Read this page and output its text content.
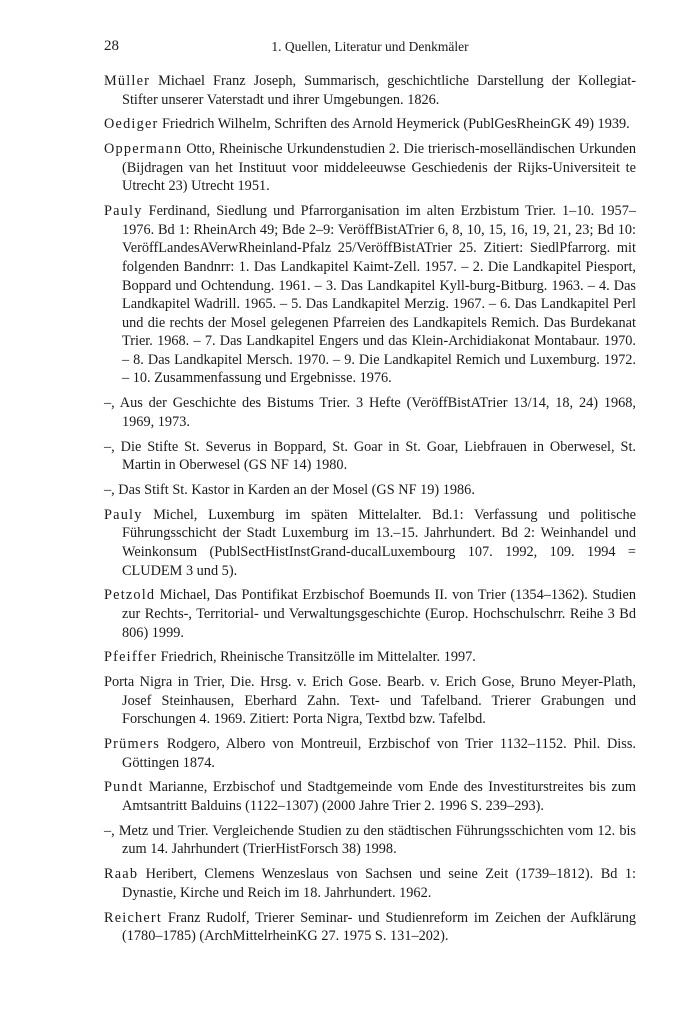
28	1. Quellen, Literatur und Denkmäler

Müller Michael Franz Joseph, Summarisch, geschichtliche Darstellung der Kollegiat-Stifter unserer Vaterstadt und ihrer Umgebungen. 1826.

Oediger Friedrich Wilhelm, Schriften des Arnold Heymerick (PublGesRheinGK 49) 1939.

Oppermann Otto, Rheinische Urkundenstudien 2. Die trierisch-moselländischen Urkunden (Bijdragen van het Instituut voor middeleeuwse Geschiedenis der Rijks-Universiteit te Utrecht 23) Utrecht 1951.

Pauly Ferdinand, Siedlung und Pfarrorganisation im alten Erzbistum Trier. 1–10. 1957–1976. Bd 1: RheinArch 49; Bde 2–9: VeröffBistATrier 6, 8, 10, 15, 16, 19, 21, 23; Bd 10: VeröffLandesAVerwRheinland-Pfalz 25/VeröffBistATrier 25. Zitiert: SiedlPfarrorg. mit folgenden Bandnrr: 1. Das Landkapitel Kaimt-Zell. 1957. – 2. Die Landkapitel Piesport, Boppard und Ochtendung. 1961. – 3. Das Landkapitel Kyll-burg-Bitburg. 1963. – 4. Das Landkapitel Wadrill. 1965. – 5. Das Landkapitel Merzig. 1967. – 6. Das Landkapitel Perl und die rechts der Mosel gelegenen Pfarreien des Landkapitels Remich. Das Burdekanat Trier. 1968. – 7. Das Landkapitel Engers und das Klein-Archidiakonat Montabaur. 1970. – 8. Das Landkapitel Mersch. 1970. – 9. Die Landkapitel Remich und Luxemburg. 1972. – 10. Zusammenfassung und Ergebnisse. 1976.

–, Aus der Geschichte des Bistums Trier. 3 Hefte (VeröffBistATrier 13/14, 18, 24) 1968, 1969, 1973.

–, Die Stifte St. Severus in Boppard, St. Goar in St. Goar, Liebfrauen in Oberwesel, St. Martin in Oberwesel (GS NF 14) 1980.

–, Das Stift St. Kastor in Karden an der Mosel (GS NF 19) 1986.

Pauly Michel, Luxemburg im späten Mittelalter. Bd.1: Verfassung und politische Führungsschicht der Stadt Luxemburg im 13.–15. Jahrhundert. Bd 2: Weinhandel und Weinkonsum (PublSectHistInstGrand-ducalLuxembourg 107. 1992, 109. 1994 = CLUDEM 3 und 5).

Petzold Michael, Das Pontifikat Erzbischof Boemunds II. von Trier (1354–1362). Studien zur Rechts-, Territorial- und Verwaltungsgeschichte (Europ. Hochschulschrr. Reihe 3 Bd 806) 1999.

Pfeiffer Friedrich, Rheinische Transitzölle im Mittelalter. 1997.

Porta Nigra in Trier, Die. Hrsg. v. Erich Gose. Bearb. v. Erich Gose, Bruno Meyer-Plath, Josef Steinhausen, Eberhard Zahn. Text- und Tafelband. Trierer Grabungen und Forschungen 4. 1969. Zitiert: Porta Nigra, Textbd bzw. Tafelbd.

Prümers Rodgero, Albero von Montreuil, Erzbischof von Trier 1132–1152. Phil. Diss. Göttingen 1874.

Pundt Marianne, Erzbischof und Stadtgemeinde vom Ende des Investiturstreites bis zum Amtsantritt Balduins (1122–1307) (2000 Jahre Trier 2. 1996 S. 239–293).

–, Metz und Trier. Vergleichende Studien zu den städtischen Führungsschichten vom 12. bis zum 14. Jahrhundert (TrierHistForsch 38) 1998.

Raab Heribert, Clemens Wenzeslaus von Sachsen und seine Zeit (1739–1812). Bd 1: Dynastie, Kirche und Reich im 18. Jahrhundert. 1962.

Reichert Franz Rudolf, Trierer Seminar- und Studienreform im Zeichen der Aufklärung (1780–1785) (ArchMittelrheinKG 27. 1975 S. 131–202).
